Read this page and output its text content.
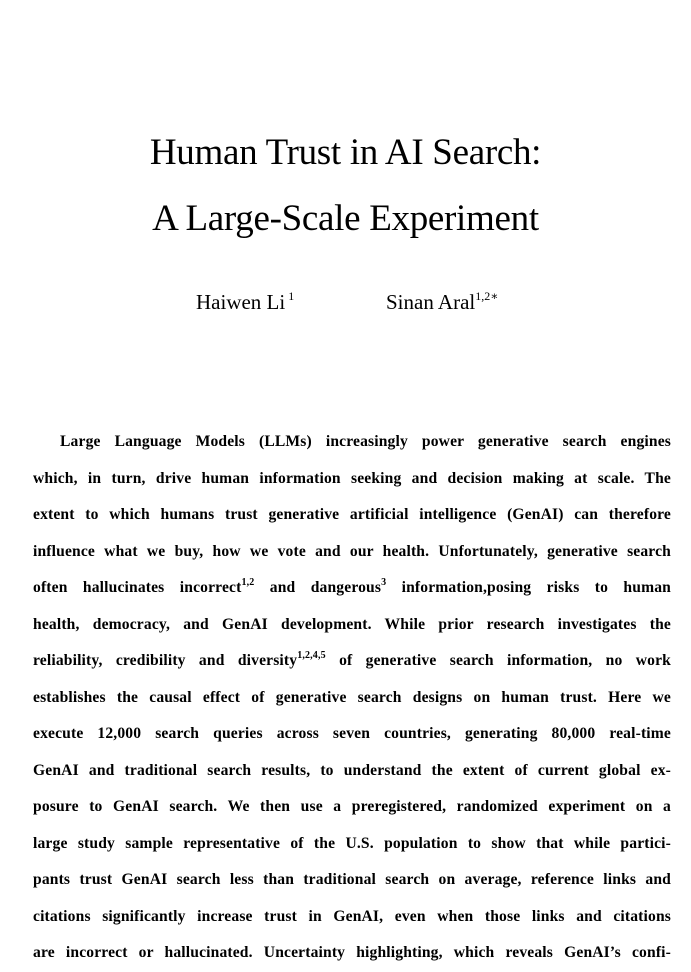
Human Trust in AI Search:
A Large-Scale Experiment
Haiwen Li $^1$	Sinan Aral$^{1,2∗}$
Large Language Models (LLMs) increasingly power generative search engines
which, in turn, drive human information seeking and decision making at scale. The
extent to which humans trust generative artificial intelligence (GenAI) can therefore
influence what we buy, how we vote and our health. Unfortunately, generative search
often hallucinates incorrect$^{1,2}$ and dangerous$^3$ information,posing risks to human
health, democracy, and GenAI development. While prior research investigates the
reliability, credibility and diversity$^{1,2,4,5}$ of generative search information, no work
establishes the causal effect of generative search designs on human trust. Here we
execute 12,000 search queries across seven countries, generating 80,000 real-time
GenAI and traditional search results, to understand the extent of current global ex-
posure to GenAI search. We then use a preregistered, randomized experiment on a
large study sample representative of the U.S. population to show that while partici-
pants trust GenAI search less than traditional search on average, reference links and
citations significantly increase trust in GenAI, even when those links and citations
are incorrect or hallucinated. Uncertainty highlighting, which reveals GenAI’s confi-
